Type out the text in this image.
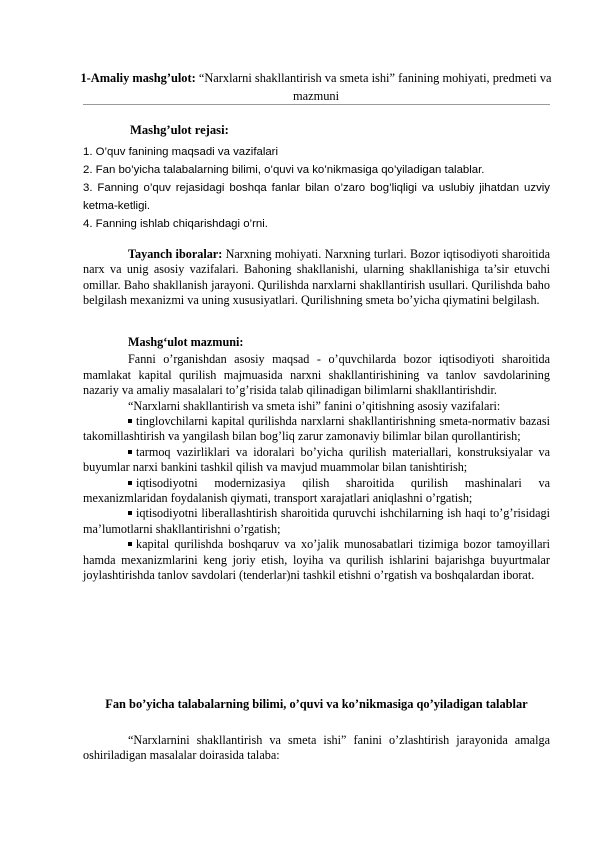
1-Amaliy mashg’ulot: “Narxlarni shakllantirish va smeta ishi” fanining mohiyati, predmeti va mazmuni
Mashg’ulot rejasi:

1. O’quv fanining maqsadi va vazifalari

2. Fan bo’yicha talabalarning bilimi, o’quvi va ko’nikmasiga qo’yiladigan talablar.

3. Fanning o’quv rejasidagi boshqa fanlar bilan o’zaro bog’liqligi va uslubiy jihatdan uzviy ketma-ketligi.

4. Fanning ishlab chiqarishdagi o’rni.

Tayanch iboralar: Narxning mohiyati. Narxning turlari. Bozor iqtisodiyoti sharoitida narx va unig asosiy vazifalari. Bahoning shakllanishi, ularning shakllanishiga ta’sir etuvchi omillar. Baho shakllanish jarayoni. Qurilishda narxlarni shakllantirish usullari. Qurilishda baho belgilash mexanizmi va uning xususiyatlari. Qurilishning smeta bo’yicha qiymatini belgilash.

Mashg‘ulot mazmuni:

Fanni o’rganishdan asosiy maqsad - o’quvchilarda bozor iqtisodiyoti sharoitida mamlakat kapital qurilish majmuasida narxni shakllantirishining va tanlov savdolarining nazariy va amaliy masalalari to’g’risida talab qilinadigan bilimlarni shakllantirishdir.

“Narxlarni shakllantirish va smeta ishi” fanini o’qitishning asosiy vazifalari:

tinglovchilarni kapital qurilishda narxlarni shakllantirishning smeta-normativ bazasi takomillashtirish va yangilash bilan bog’liq zarur zamonaviy bilimlar bilan qurollantirish;

tarmoq vazirliklari va idoralari bo’yicha qurilish materiallari, konstruksiyalar va buyumlar narxi bankini tashkil qilish va mavjud muammolar bilan tanishtirish;

iqtisodiyotni modernizasiya qilish sharoitida qurilish mashinalari va mexanizmlaridan foydalanish qiymati, transport xarajatlari aniqlashni o’rgatish;

iqtisodiyotni liberallashtirish sharoitida quruvchi ishchilarning ish haqi to’g’risidagi ma’lumotlarni shakllantirishni o’rgatish;

kapital qurilishda boshqaruv va xo’jalik munosabatlari tizimiga bozor tamoyillari hamda mexanizmlarini keng joriy etish, loyiha va qurilish ishlarini bajarishga buyurtmalar joylashtirishda tanlov savdolari (tenderlar)ni tashkil etishni o’rgatish va boshqalardan iborat.

Fan bo’yicha talabalarning bilimi, o’quvi va ko’nikmasiga qo’yiladigan talablar

“Narxlarnini shakllantirish va smeta ishi” fanini o’zlashtirish jarayonida amalga oshiriladigan masalalar doirasida talaba:
